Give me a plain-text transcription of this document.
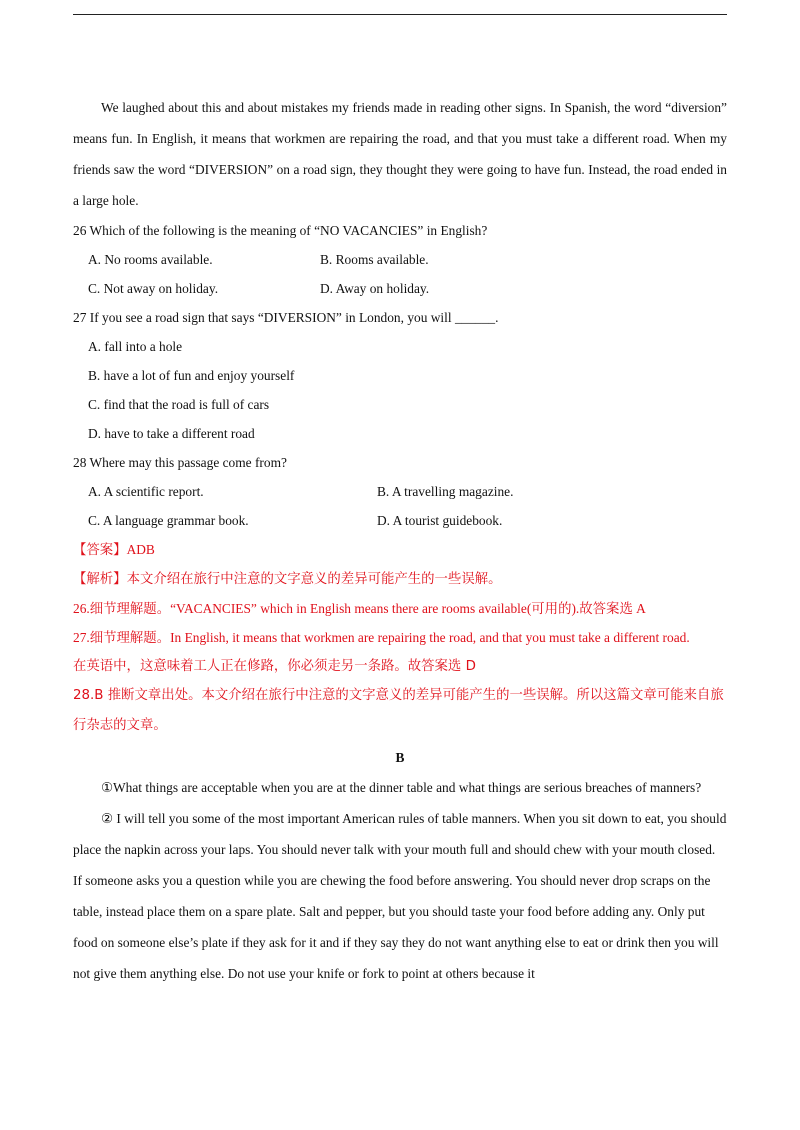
We laughed about this and about mistakes my friends made in reading other signs. In Spanish, the word “diversion” means fun. In English, it means that workmen are repairing the road, and that you must take a different road. When my friends saw the word “DIVERSION” on a road sign, they thought they were going to have fun. Instead, the road ended in a large hole.

26 Which of the following is the meaning of “NO VACANCIES” in English?

A. No rooms available.	B. Rooms available.
C. Not away on holiday.	D. Away on holiday.

27 If you see a road sign that says “DIVERSION” in London, you will ______.

A. fall into a hole

B. have a lot of fun and enjoy yourself

C. find that the road is full of cars

D. have to take a different road

28 Where may this passage come from?

A. A scientific report.	B. A travelling magazine.
C. A language grammar book.	D. A tourist guidebook.

【答案】ADB

【解析】本文介绍在旅行中注意的文字意义的差异可能产生的一些误解。

26.细节理解题。“VACANCIES” which in English means there are rooms available(可用的).故答案选 A

27.细节理解题。In English, it means that workmen are repairing the road, and that you must take a different road.

在英语中，这意味着工人正在修路，你必须走另一条路。故答案选 D

28.B 推断文章出处。本文介绍在旅行中注意的文字意义的差异可能产生的一些误解。所以这篇文章可能来自旅行杂志的文章。

B

①What things are acceptable when you are at the dinner table and what things are serious breaches of manners?

② I will tell you some of the most important American rules of table manners. When you sit down to eat, you should place the napkin across your laps. You should never talk with your mouth full and should chew with your mouth closed. If someone asks you a question while you are chewing the food before answering. You should never drop scraps on the table, instead place them on a spare plate. Salt and pepper, but you should taste your food before adding any. Only put food on someone else’s plate if they ask for it and if they say they do not want anything else to eat or drink then you will not give them anything else. Do not use your knife or fork to point at others because it
